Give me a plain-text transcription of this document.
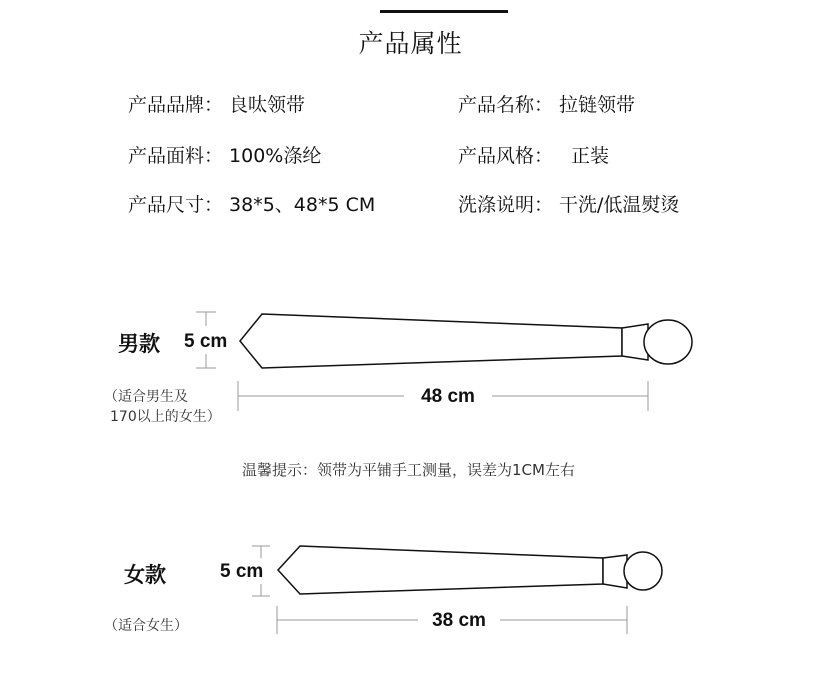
产品属性
产品品牌： 良呔领带
产品面料： 100%涤纶
产品尺寸： 38*5、48*5 CM
产品名称： 拉链领带
产品风格： 正装
洗涤说明： 干洗/低温熨烫
5 cm
48 cm
5 cm
38 cm
男款
（适合男生及
170以上的女生）
温馨提示：领带为平铺手工测量，误差为1CM左右
女款
（适合女生）
